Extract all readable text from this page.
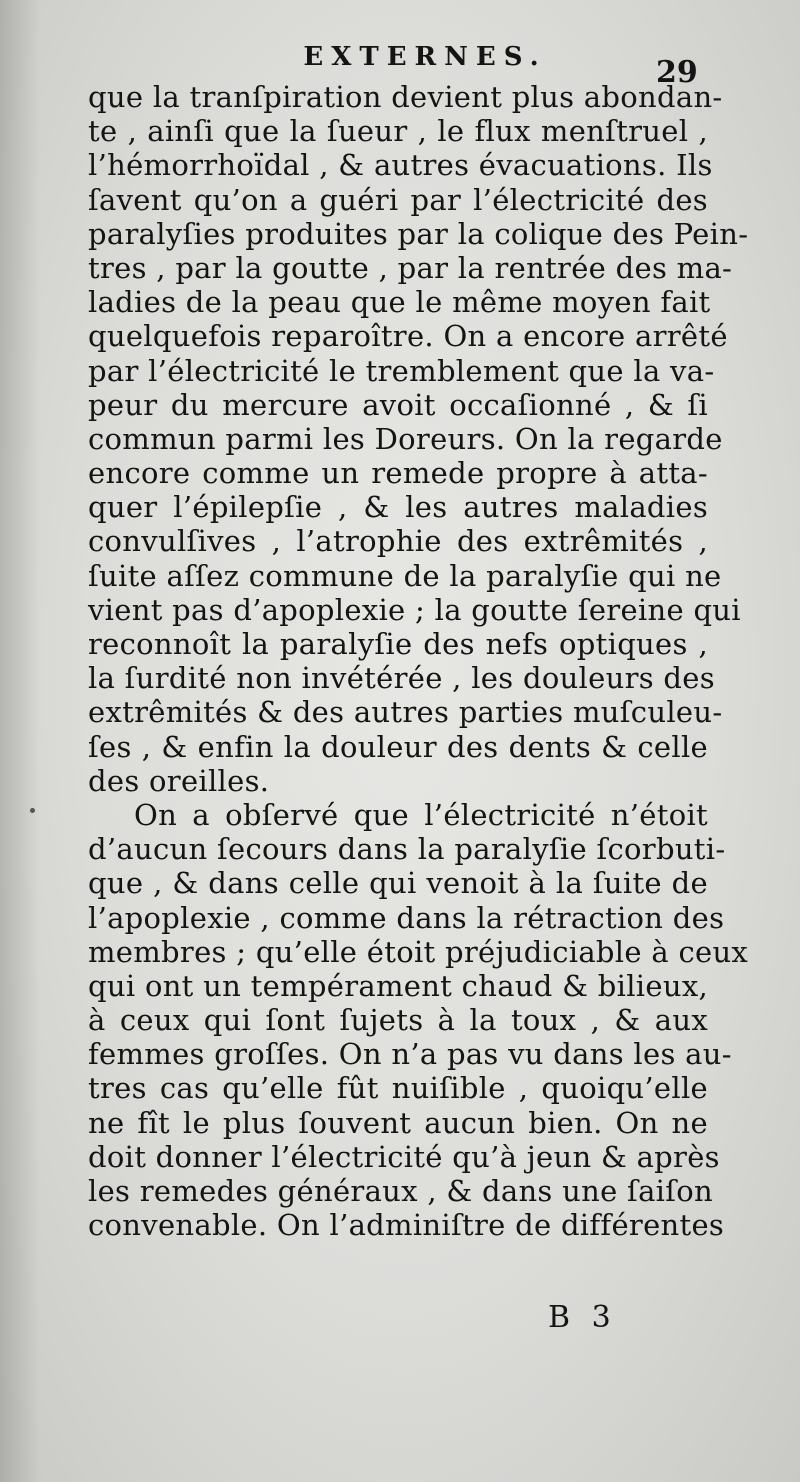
EXTERNES.	29
que la tranſpiration devient plus abondan-
te , ainſi que la ſueur , le flux menſtruel ,
l’hémorrhoïdal , & autres évacuations. Ils
ſavent qu’on a guéri par l’électricité des
paralyſies produites par la colique des Pein-
tres , par la goutte , par la rentrée des ma-
ladies de la peau que le même moyen fait
quelquefois reparoître. On a encore arrêté
par l’électricité le tremblement que la va-
peur du mercure avoit occaſionné , & ſi
commun parmi les Doreurs. On la regarde
encore comme un remede propre à atta-
quer l’épilepſie , & les autres maladies
convulſives , l’atrophie des extrêmités ,
ſuite aſſez commune de la paralyſie qui ne
vient pas d’apoplexie ; la goutte ſereine qui
reconnoît la paralyſie des nefs optiques ,
la ſurdité non invétérée , les douleurs des
extrêmités & des autres parties muſculeu-
ſes , & enfin la douleur des dents & celle
des oreilles.
On a obſervé que l’électricité n’étoit
d’aucun ſecours dans la paralyſie ſcorbuti-
que , & dans celle qui venoit à la ſuite de
l’apoplexie , comme dans la rétraction des
membres ; qu’elle étoit préjudiciable à ceux
qui ont un tempérament chaud & bilieux,
à ceux qui ſont ſujets à la toux , & aux
femmes groſſes. On n’a pas vu dans les au-
tres cas qu’elle fût nuiſible , quoiqu’elle
ne fît le plus ſouvent aucun bien. On ne
doit donner l’électricité qu’à jeun & après
les remedes généraux , & dans une ſaiſon
convenable. On l’adminiſtre de différentes
B 3
